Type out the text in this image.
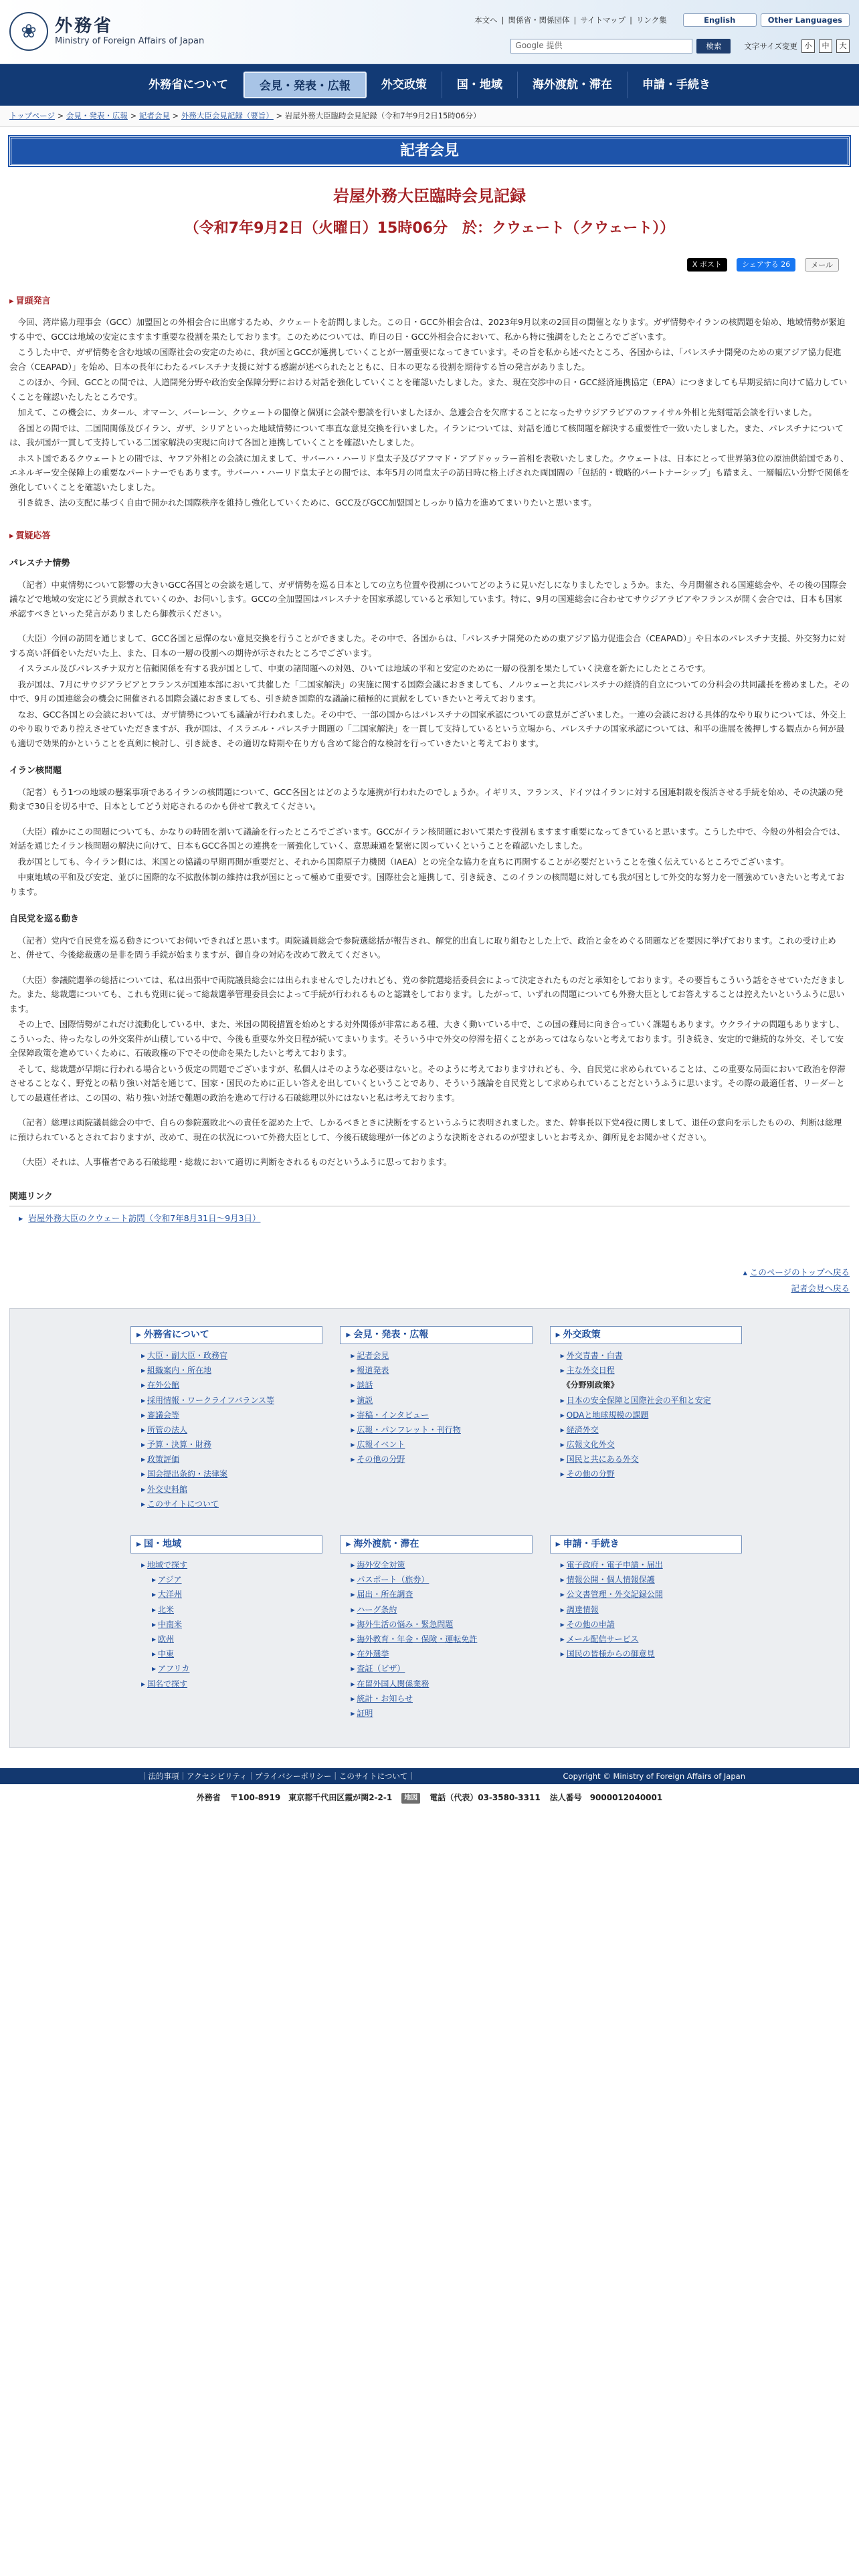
❀	外務省
Ministry of Foreign Affairs of Japan
本文へ | 関係省・関係団体 | サイトマップ | リンク集	English	Other Languages
Google 提供	検索	文字サイズ変更 小	中	大
外務省について	会見・発表・広報	外交政策	国・地域	海外渡航・滞在	申請・手続き
トップページ > 会見・発表・広報 > 記者会見 > 外務大臣会見記録（要旨） > 岩屋外務大臣臨時会見記録（令和7年9月2日15時06分）
記者会見
岩屋外務大臣臨時会見記録
（令和7年9月2日（火曜日）15時06分　於：クウェート（クウェート））
X ポスト	シェアする 26	メール
▸ 冒頭発言

今回、湾岸協力理事会（GCC）加盟国との外相会合に出席するため、クウェートを訪問しました。この日・GCC外相会合は、2023年9月以来の2回目の開催となります。ガザ情勢やイランの核問題を始め、地域情勢が緊迫する中で、GCCは地域の安定にますます重要な役割を果たしております。このためについては、昨日の日・GCC外相会合において、私から特に強調をしたところでございます。

こうした中で、ガザ情勢を含む地域の国際社会の安定のために、我が国とGCCが連携していくことが一層重要になってきています。その旨を私から述べたところ、各国からは、「パレスチナ開発のための東アジア協力促進会合（CEAPAD）」を始め、日本の長年にわたるパレスチナ支援に対する感謝が述べられたとともに、日本の更なる役割を期待する旨の発言がありました。

このほか、今回、GCCとの間では、人道開発分野や政治安全保障分野における対話を強化していくことを確認いたしました。また、現在交渉中の日・GCC経済連携協定（EPA）につきましても早期妥結に向けて協力していくことを確認いたしたところです。

加えて、この機会に、カタール、オマーン、バーレーン、クウェートの閣僚と個別に会談や懇談を行いましたほか、急遽会合を欠席することになったサウジアラビアのファイサル外相と先刻電話会談を行いました。

各国との間では、二国間関係及びイラン、ガザ、シリアといった地域情勢について率直な意見交換を行いました。イランについては、対話を通じて核問題を解決する重要性で一致いたしました。また、パレスチナについては、我が国が一貫して支持している二国家解決の実現に向けて各国と連携していくことを確認いたしました。

ホスト国であるクウェートとの間では、ヤフア外相との会談に加えまして、サバーハ・ハーリド皇太子及びアフマド・アブドゥッラー首相を表敬いたしました。クウェートは、日本にとって世界第3位の原油供給国であり、エネルギー安全保障上の重要なパートナーでもあります。サバーハ・ハーリド皇太子との間では、本年5月の同皇太子の訪日時に格上げされた両国間の「包括的・戦略的パートナーシップ」も踏まえ、一層幅広い分野で関係を強化していくことを確認いたしました。

引き続き、法の支配に基づく自由で開かれた国際秩序を維持し強化していくために、GCC及びGCC加盟国としっかり協力を進めてまいりたいと思います。

▸ 質疑応答
パレスチナ情勢

（記者）中東情勢について影響の大きいGCC各国との会談を通して、ガザ情勢を巡る日本としての立ち位置や役割についてどのように見いだしになりましたでしょうか。また、今月開催される国連総会や、その後の国際会議などで地域の安定にどう貢献されていくのか、お伺いします。GCCの全加盟国はパレスチナを国家承認していると承知しています。特に、9月の国連総会に合わせてサウジアラビアやフランスが開く会合では、日本も国家承認すべきといった発言がありましたら御教示ください。

（大臣）今回の訪問を通じまして、GCC各国と忌憚のない意見交換を行うことができました。その中で、各国からは、「パレスチナ開発のための東アジア協力促進会合（CEAPAD）」や日本のパレスチナ支援、外交努力に対する高い評価をいただいた上、また、日本の一層の役割への期待が示されたところでございます。

イスラエル及びパレスチナ双方と信頼関係を有する我が国として、中東の諸問題への対処、ひいては地域の平和と安定のために一層の役割を果たしていく決意を新たにしたところです。

我が国は、7月にサウジアラビアとフランスが国連本部において共催した「二国家解決」の実施に関する国際会議におきましても、ノルウェーと共にパレスチナの経済的自立についての分科会の共同議長を務めました。その中で、9月の国連総会の機会に開催される国際会議におきましても、引き続き国際的な議論に積極的に貢献をしていきたいと考えております。

なお、GCC各国との会談においては、ガザ情勢についても議論が行われました。その中で、一部の国からはパレスチナの国家承認についての意見がございました。一連の会談における具体的なやり取りについては、外交上のやり取りであり控えさせていただきますが、我が国は、イスラエル・パレスチナ問題の「二国家解決」を一貫して支持しているという立場から、パレスチナの国家承認については、和平の進展を後押しする観点から何が最も適切で効果的かということを真剣に検討し、引き続き、その適切な時期や在り方も含めて総合的な検討を行っていきたいと考えております。

イラン核問題

（記者）もう1つの地域の懸案事項であるイランの核問題について、GCC各国とはどのような連携が行われたのでしょうか。イギリス、フランス、ドイツはイランに対する国連制裁を復活させる手続を始め、その決議の発動まで30日を切る中で、日本としてどう対応されるのかも併せて教えてください。

（大臣）確かにこの問題についても、かなりの時間を割いて議論を行ったところでございます。GCCがイラン核問題において果たす役割もますます重要になってきていると思います。こうした中で、今般の外相会合では、対話を通じたイラン核問題の解決に向けて、日本もGCC各国との連携を一層強化していく、意思疎通を緊密に図っていくということを確認いたしました。

我が国としても、今イラン側には、米国との協議の早期再開が重要だと、それから国際原子力機関（IAEA）との完全な協力を直ちに再開することが必要だということを強く伝えているところでございます。

中東地域の平和及び安定、並びに国際的な不拡散体制の維持は我が国にとって極めて重要です。国際社会と連携して、引き続き、このイランの核問題に対しても我が国として外交的な努力を一層強めていきたいと考えております。

自民党を巡る動き

（記者）党内で自民党を巡る動きについてお伺いできればと思います。両院議員総会で参院選総括が報告され、解党的出直しに取り組むとした上で、政治と金をめぐる問題などを要因に挙げております。これの受け止めと、併せて、今後総裁選の是非を問う手続が始まりますが、御自身の対応を改めて教えてください。

（大臣）参議院選挙の総括については、私は出張中で両院議員総会には出られませんでしたけれども、党の参院選総括委員会によって決定されたものだと承知をしております。その要旨もこういう話をさせていただきました。また、総裁選についても、これも党則に従って総裁選挙管理委員会によって手続が行われるものと認識をしております。したがって、いずれの問題についても外務大臣としてお答えすることは控えたいというふうに思います。

その上で、国際情勢がこれだけ流動化している中、また、米国の関税措置を始めとする対外関係が非常にある種、大きく動いている中で、この国の難局に向き合っていく課題もあります。ウクライナの問題もありますし、こういった、待ったなしの外交案件が山積している中で、今後も重要な外交日程が続いてまいります。そういう中で外交の停滞を招くことがあってはならないと考えております。引き続き、安定的で継続的な外交、そして安全保障政策を進めていくために、石破政権の下でその使命を果たしたいと考えております。

そして、総裁選が早期に行われる場合という仮定の問題でございますが、私個人はそのような必要はないと。そのように考えておりますけれども、今、自民党に求められていることは、この重要な局面において政治を停滞させることなく、野党との粘り強い対話を通じて、国家・国民のために正しい答えを出していくということであり、そういう議論を自民党として求められていることだというふうに思います。その際の最適任者、リーダーとしての最適任者は、この国の、粘り強い対話で難題の政治を進めて行ける石破総理以外にはないと私は考えております。

（記者）総理は両院議員総会の中で、自らの参院選敗北への責任を認めた上で、しかるべきときに決断をするというふうに表明されました。また、幹事長以下党4役に関しまして、退任の意向を示したものの、判断は総理に預けられているとされておりますが、改めて、現在の状況について外務大臣として、今後石破総理が一体どのような決断をされるのが望ましいとお考えか、御所見をお聞かせください。

（大臣）それは、人事権者である石破総理・総裁において適切に判断をされるものだというふうに思っております。

関連リンク
▸ 岩屋外務大臣のクウェート訪問（令和7年8月31日〜9月3日）
▴ このページのトップへ戻る
記者会見へ戻る
▸ 外務省について
▸ 大臣・副大臣・政務官
▸ 組織案内・所在地
▸ 在外公館
▸ 採用情報・ワークライフバランス等
▸ 審議会等
▸ 所管の法人
▸ 予算・決算・財務
▸ 政策評価
▸ 国会提出条約・法律案
▸ 外交史料館
▸ このサイトについて
▸ 会見・発表・広報
▸ 記者会見
▸ 報道発表
▸ 談話
▸ 演説
▸ 寄稿・インタビュー
▸ 広報・パンフレット・刊行物
▸ 広報イベント
▸ その他の分野
▸ 外交政策
▸ 外交青書・白書
▸ 主な外交日程
《分野別政策》
▸ 日本の安全保障と国際社会の平和と安定
▸ ODAと地球規模の課題
▸ 経済外交
▸ 広報文化外交
▸ 国民と共にある外交
▸ その他の分野
▸ 国・地域
▸ 地域で探す
▸ アジア
▸ 大洋州
▸ 北米
▸ 中南米
▸ 欧州
▸ 中東
▸ アフリカ
▸ 国名で探す
▸ 海外渡航・滞在
▸ 海外安全対策
▸ パスポート（旅券）
▸ 届出・所在調査
▸ ハーグ条約
▸ 海外生活の悩み・緊急問題
▸ 海外教育・年金・保険・運転免許
▸ 在外選挙
▸ 査証（ビザ）
▸ 在留外国人関係業務
▸ 統計・お知らせ
▸ 証明
▸ 申請・手続き
▸ 電子政府・電子申請・届出
▸ 情報公開・個人情報保護
▸ 公文書管理・外交記録公開
▸ 調達情報
▸ その他の申請
▸ メール配信サービス
▸ 国民の皆様からの御意見
｜法的事項｜アクセシビリティ｜プライバシーポリシー｜このサイトについて｜	Copyright © Ministry of Foreign Affairs of Japan
外務省 〒100-8919　東京都千代田区霞が関2-2-1	地図	電話（代表）03-3580-3311 法人番号　9000012040001
